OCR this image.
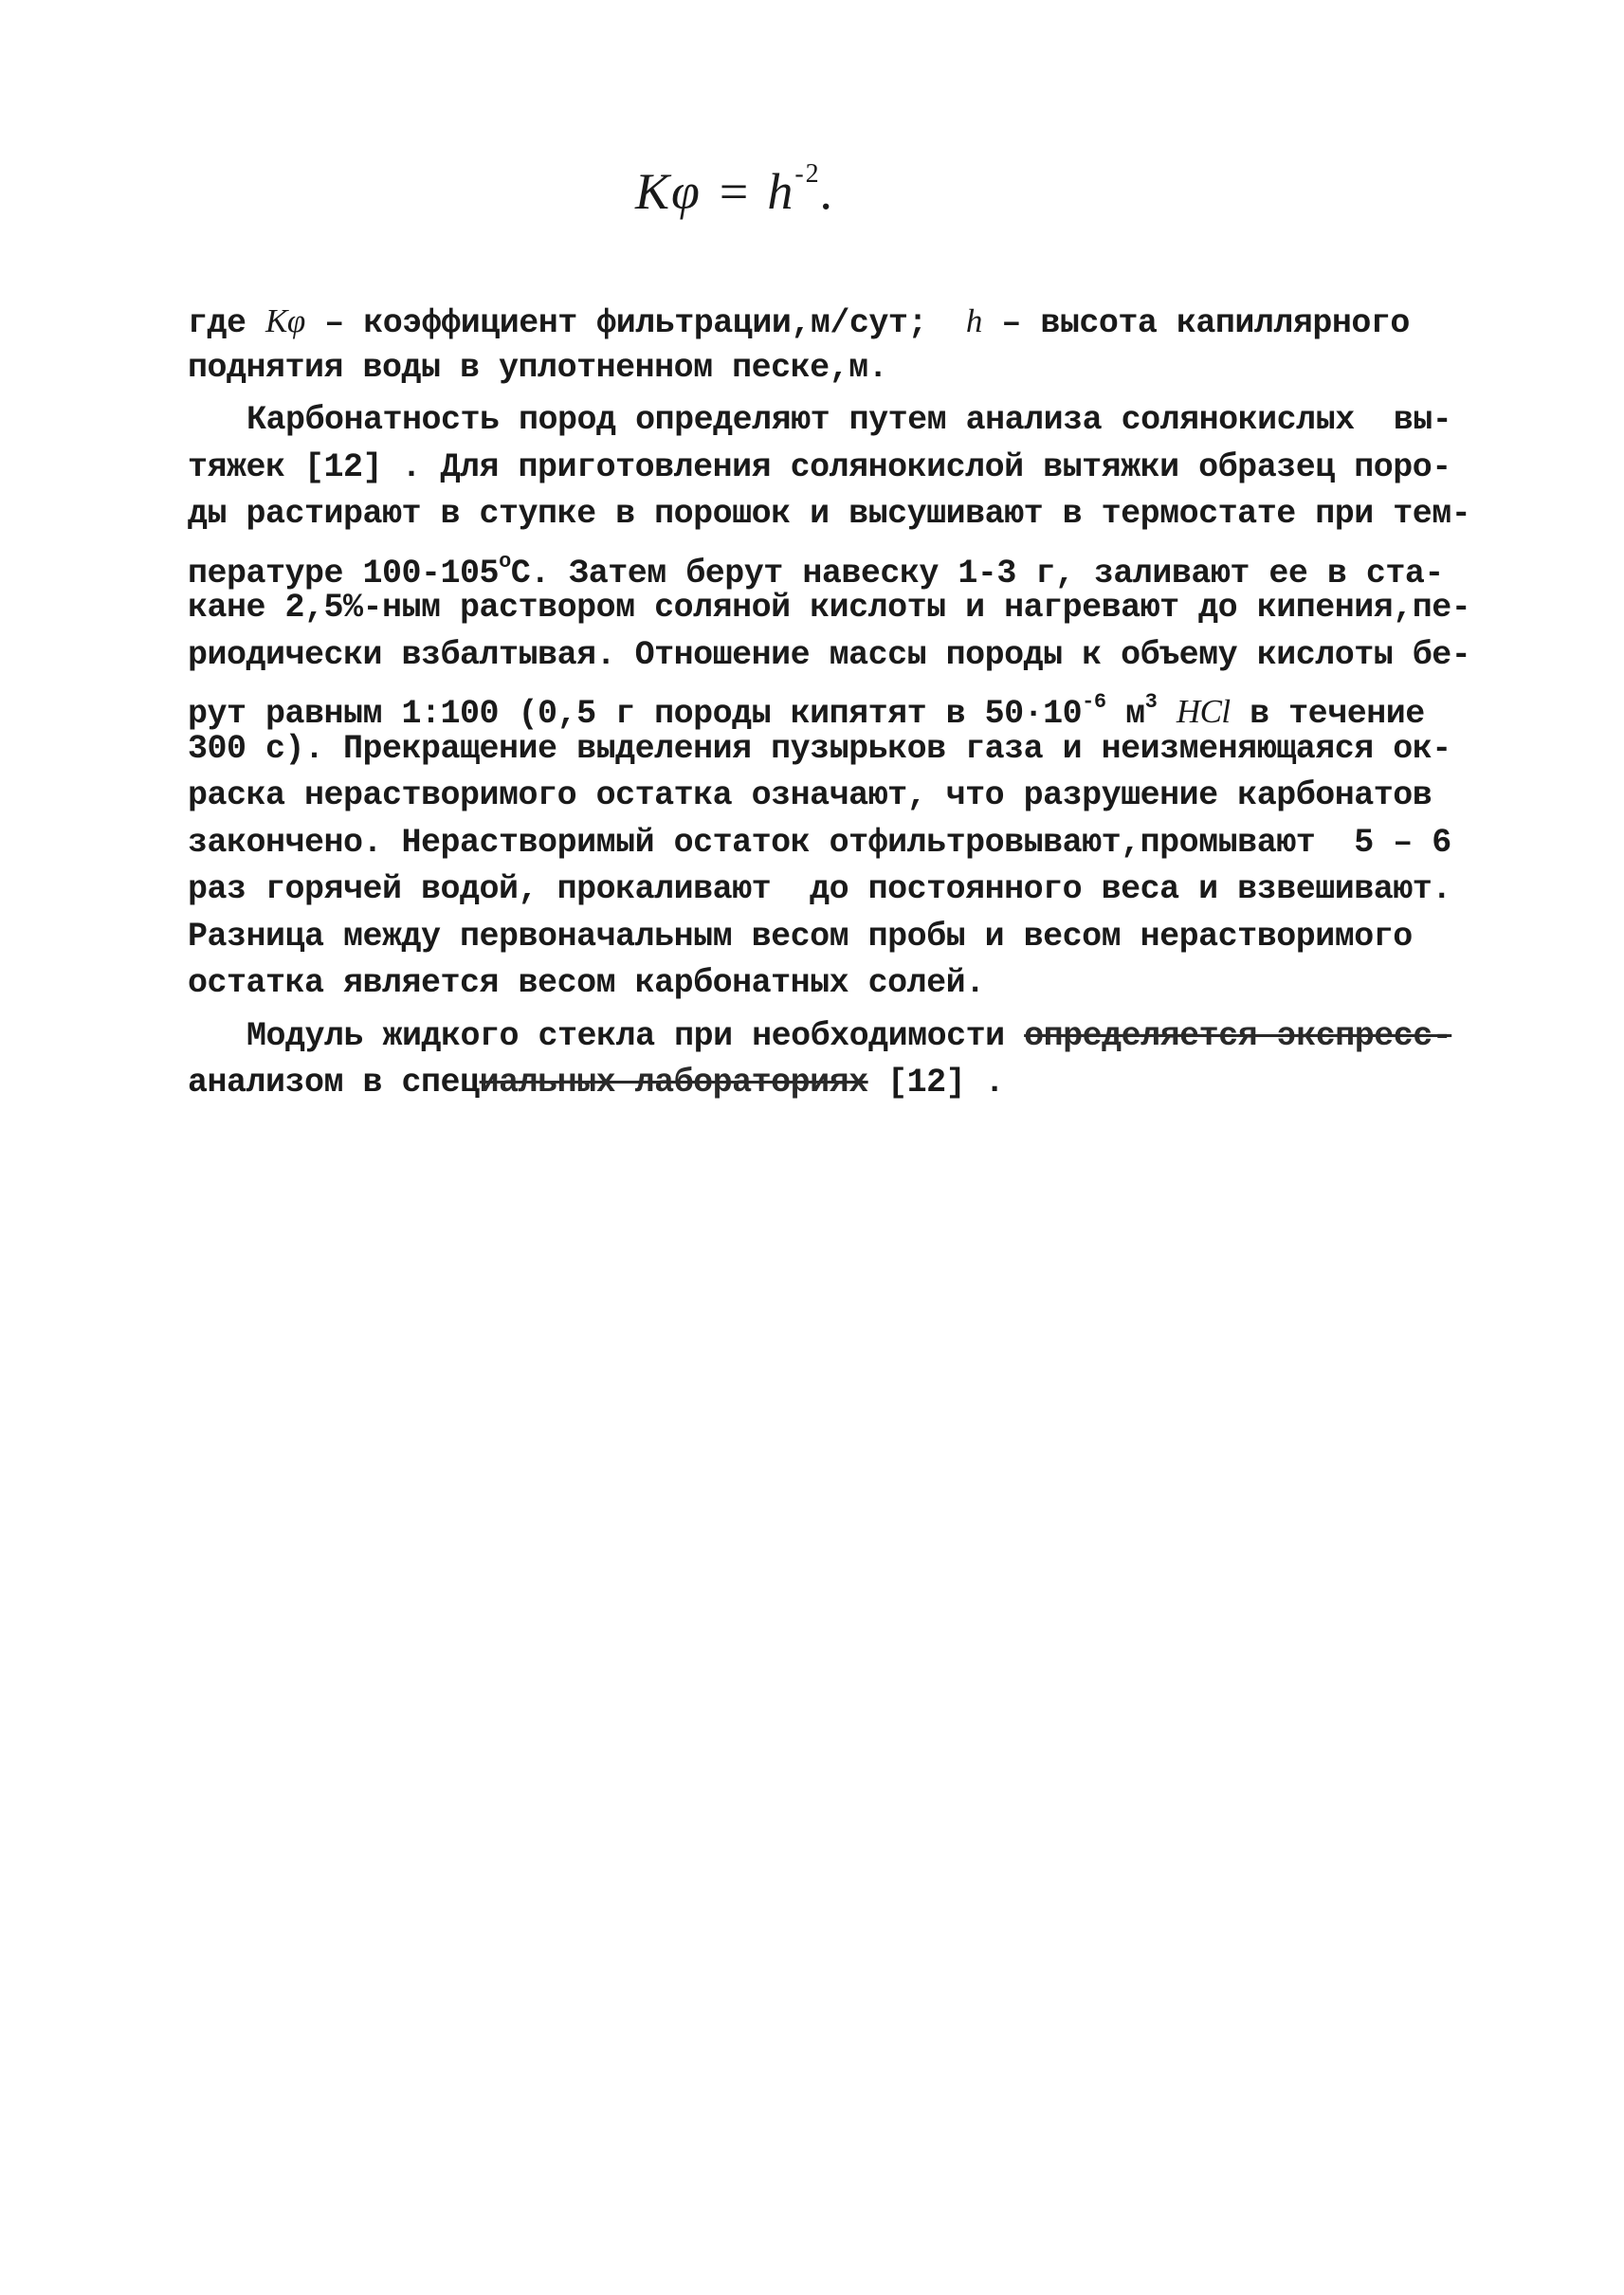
$K\varphi = h^{-2}$.
где Kφ – коэффициент фильтрации,м/сут;  h – высота капиллярного
поднятия воды в уплотненном песке,м.
Карбонатность пород определяют путем анализа солянокислых  вы-
тяжек [12] . Для приготовления солянокислой вытяжки образец поро-
ды растирают в ступке в порошок и высушивают в термостате при тем-
пературе 100-105$^o$С. Затем берут навеску 1-3 г, заливают ее в ста-
кане 2,5%-ным раствором соляной кислоты и нагревают до кипения,пе-
риодически взбалтывая. Отношение массы породы к объему кислоты бе-
рут равным 1:100 (0,5 г породы кипятят в $50\cdot 10^{-6}$ $м^3$ HCl в течение
300 с). Прекращение выделения пузырьков газа и неизменяющаяся ок-
раска нерастворимого остатка означают, что разрушение карбонатов
закончено. Нерастворимый остаток отфильтровывают,промывают  5 – 6
раз горячей водой, прокаливают  до постоянного веса и взвешивают.
Разница между первоначальным весом пробы и весом нерастворимого
остатка является весом карбонатных солей.
Модуль жидкого стекла при необходимости определяется экспресс-
анализом в специальных лабораториях [12] .
